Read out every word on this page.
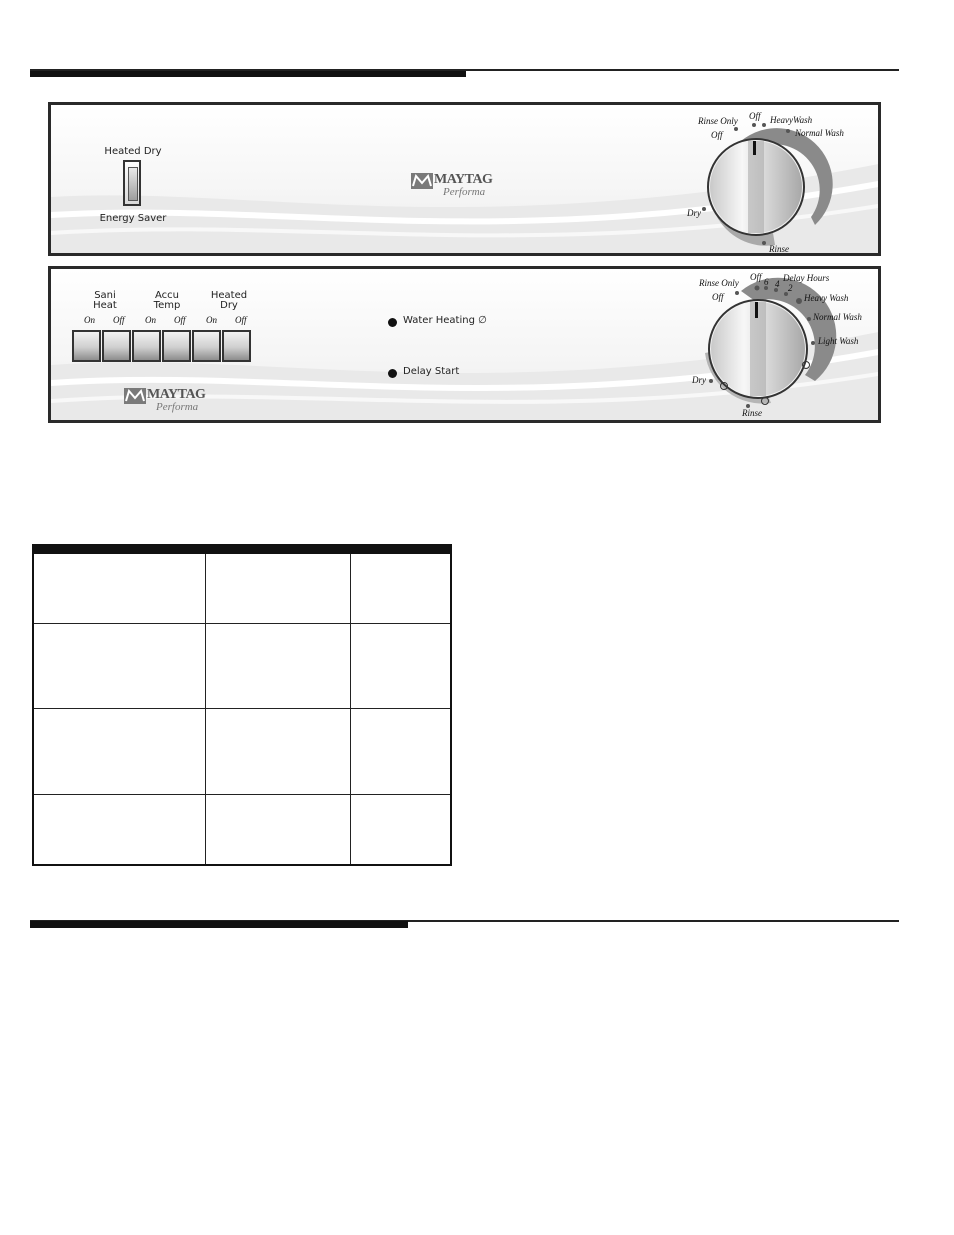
Heated Dry
Energy Saver
MAYTAG
Performa
Rinse Only
Off
Off HeavyWash
Normal Wash
Dry
Rinse
Sani
Heat
Accu
Temp
Heated
Dry
On Off On Off On Off
MAYTAG
Performa
Water Heating ∅
Delay Start
Rinse Only
Off
Off 6 4
Delay Hours
2
Heavy Wash
Normal Wash
Light Wash
Dry
Rinse
